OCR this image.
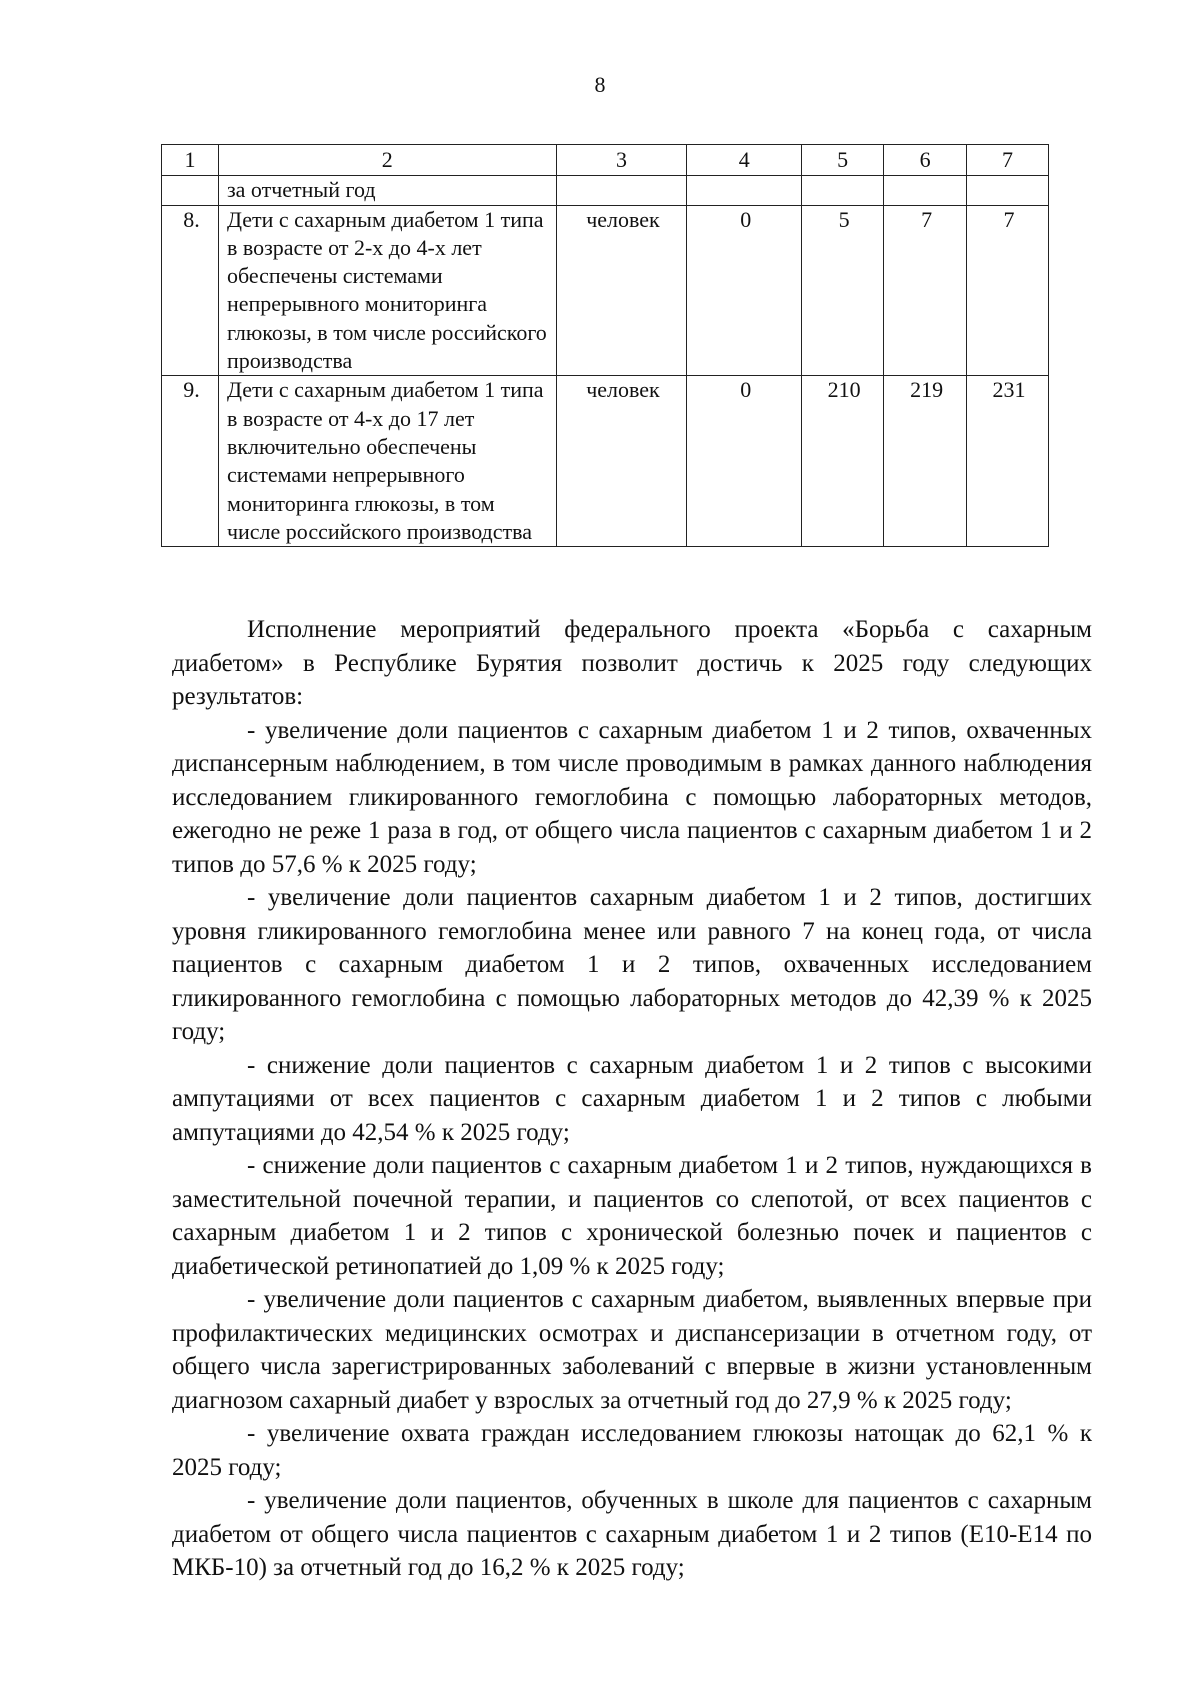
8
1	2	3	4	5	6	7
	за отчетный год					
8.	Дети с сахарным диабетом 1 типа в возрасте от 2-х до 4-х лет обеспечены системами непрерывного мониторинга глюкозы, в том числе российского производства	человек	0	5	7	7
9.	Дети с сахарным диабетом 1 типа в возрасте от 4-х до 17 лет включительно обеспечены системами непрерывного мониторинга глюкозы, в том числе российского производства	человек	0	210	219	231

Исполнение мероприятий федерального проекта «Борьба с сахарным диабетом» в Республике Бурятия позволит достичь к 2025 году следующих результатов:

- увеличение доли пациентов с сахарным диабетом 1 и 2 типов, охваченных диспансерным наблюдением, в том числе проводимым в рамках данного наблюдения исследованием гликированного гемоглобина с помощью лабораторных методов, ежегодно не реже 1 раза в год, от общего числа пациентов с сахарным диабетом 1 и 2 типов до 57,6 % к 2025 году;

- увеличение доли пациентов сахарным диабетом 1 и 2 типов, достигших уровня гликированного гемоглобина менее или равного 7 на конец года, от числа пациентов с сахарным диабетом 1 и 2 типов, охваченных исследованием гликированного гемоглобина с помощью лабораторных методов до 42,39 % к 2025 году;

- снижение доли пациентов с сахарным диабетом 1 и 2 типов с высокими ампутациями от всех пациентов с сахарным диабетом 1 и 2 типов с любыми ампутациями до 42,54 % к 2025 году;

- снижение доли пациентов с сахарным диабетом 1 и 2 типов, нуждающихся в заместительной почечной терапии, и пациентов со слепотой, от всех пациентов с сахарным диабетом 1 и 2 типов с хронической болезнью почек и пациентов с диабетической ретинопатией до 1,09 % к 2025 году;

- увеличение доли пациентов с сахарным диабетом, выявленных впервые при профилактических медицинских осмотрах и диспансеризации в отчетном году, от общего числа зарегистрированных заболеваний с впервые в жизни установленным диагнозом сахарный диабет у взрослых за отчетный год до 27,9 % к 2025 году;

- увеличение охвата граждан исследованием глюкозы натощак до 62,1 % к 2025 году;

- увеличение доли пациентов, обученных в школе для пациентов с сахарным диабетом от общего числа пациентов с сахарным диабетом 1 и 2 типов (Е10-Е14 по МКБ-10) за отчетный год до 16,2 % к 2025 году;
